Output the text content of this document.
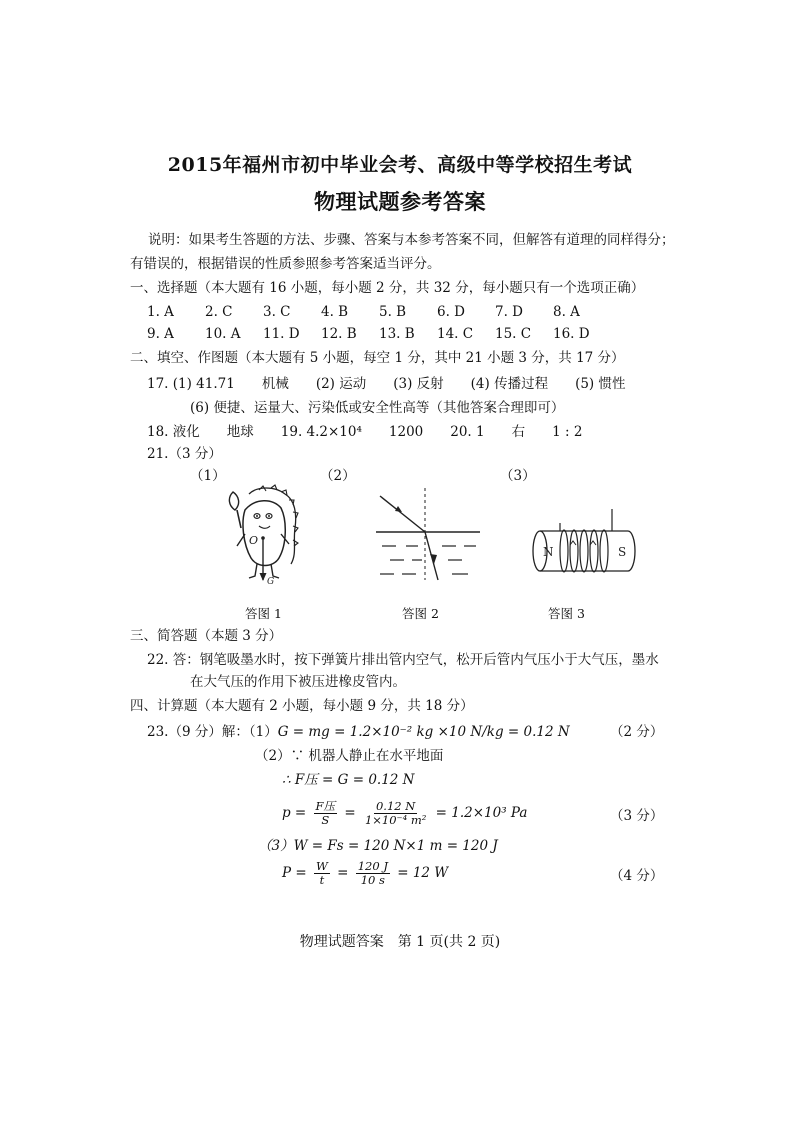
2015年福州市初中毕业会考、高级中等学校招生考试
物理试题参考答案
说明：如果考生答题的方法、步骤、答案与本参考答案不同，但解答有道理的同样得分；
有错误的，根据错误的性质参照参考答案适当评分。
一、选择题（本大题有 16 小题，每小题 2 分，共 32 分，每小题只有一个选项正确）
1. A 2. C 3. C 4. B 5. B 6. D 7. D 8. A
9. A 10. A 11. D 12. B 13. B 14. C 15. C 16. D
二、填空、作图题（本大题有 5 小题，每空 1 分，其中 21 小题 3 分，共 17 分）
17. (1) 41.71　　机械　　(2) 运动　　(3) 反射　　(4) 传播过程　　(5) 惯性
(6) 便捷、运量大、污染低或安全性高等（其他答案合理即可）
18. 液化　　地球　　19. 4.2×10⁴　　1200　　20. 1　　右　　1 : 2
21.（3 分）
（1）	（2）	（3）
O
G
N	S
答图 1	答图 2	答图 3
三、简答题（本题 3 分）
22. 答：钢笔吸墨水时，按下弹簧片排出管内空气，松开后管内气压小于大气压，墨水
在大气压的作用下被压进橡皮管内。
四、计算题（本大题有 2 小题，每小题 9 分，共 18 分）
23.（9 分）解：（1）G = mg = 1.2×10⁻² kg ×10 N/kg = 0.12 N	（2 分）
（2）∵ 机器人静止在水平地面
∴ F压 = G = 0.12 N
$p = \frac{\text{F压}}{S} = \frac{0.12 N}{\text{1×10⁻⁴ m²}} = 1.2\times 10^3$ Pa	（3 分）
（3）W = Fs = 120 N×1 m = 120 J
$P = \frac{W}{t} = \frac{120 J}{10 s} = 12$ W	（4 分）
物理试题答案　第 1 页(共 2 页)
